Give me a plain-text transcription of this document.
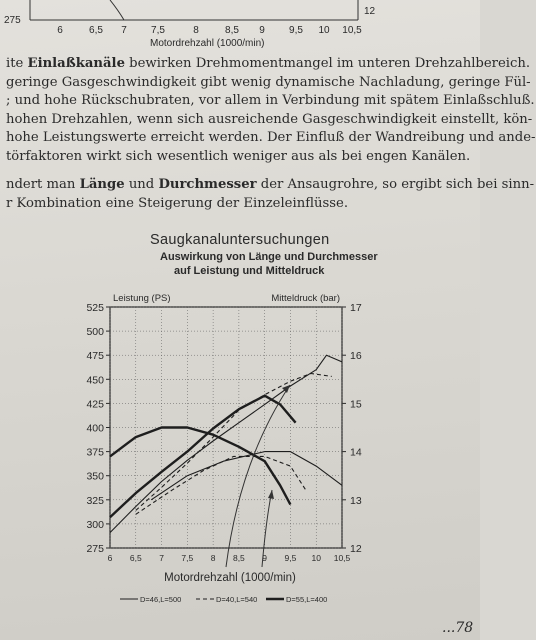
6	6,5 7 7,5	8	8,5 9 9,5 10 10,5
275
12
Motordrehzahl (1000/min)
ite Einlaßkanäle bewirken Drehmomentmangel im unteren Drehzahlbereich.
geringe Gasgeschwindigkeit gibt wenig dynamische Nachladung, geringe Fül-
; und hohe Rückschubraten, vor allem in Verbindung mit spätem Einlaßschluß.
hohen Drehzahlen, wenn sich ausreichende Gasgeschwindigkeit einstellt, kön-
hohe Leistungswerte erreicht werden. Der Einfluß der Wandreibung und ande-
törfaktoren wirkt sich wesentlich weniger aus als bei engen Kanälen.
ndert man Länge und Durchmesser der Ansaugrohre, so ergibt sich bei sinn-
r Kombination eine Steigerung der Einzeleinflüsse.
Saugkanaluntersuchungen
Auswirkung von Länge und Durchmesser
auf Leistung und Mitteldruck
275
300
325
350
375
400
425
450
475
500
525
12
13
14
15
16
17
6 6,5 7 7,5 8 8,5 9 9,5 10 10,5
Leistung (PS)	Mitteldruck (bar)
Motordrehzahl (1000/min)
D=46,L=500	D=40,L=540	D=55,L=400
...78
